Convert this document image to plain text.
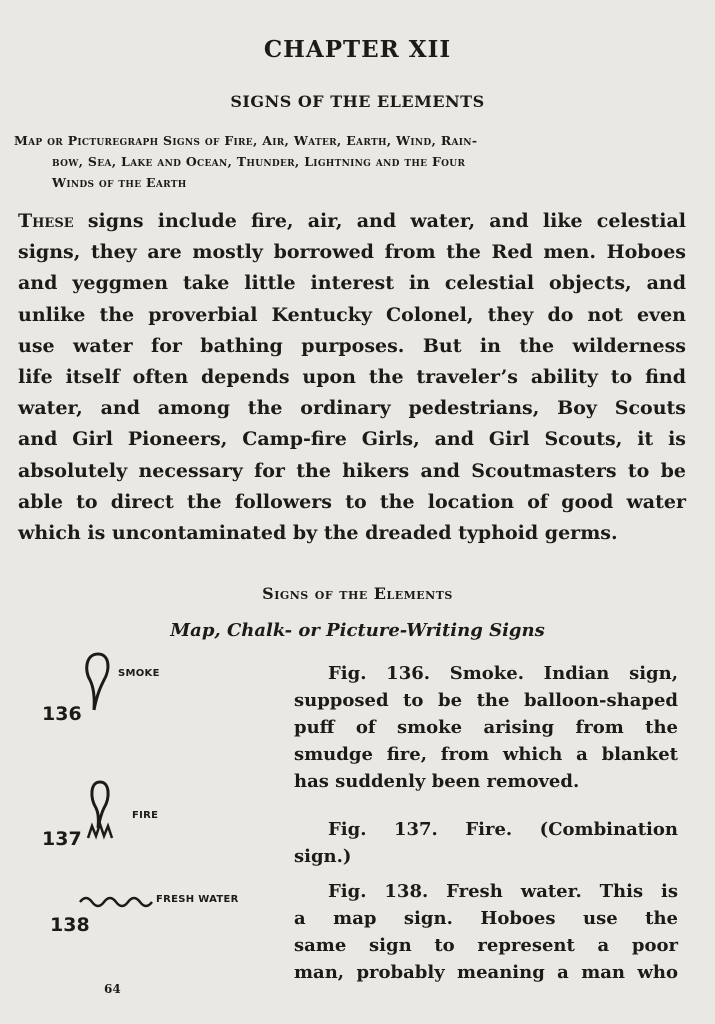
CHAPTER XII
SIGNS OF THE ELEMENTS
Map or Picturegraph Signs of Fire, Air, Water, Earth, Wind, Rain-
bow, Sea, Lake and Ocean, Thunder, Lightning and the Four
Winds of the Earth
These signs include fire, air, and water, and like celestial
signs, they are mostly borrowed from the Red men. Hoboes
and yeggmen take little interest in celestial objects, and
unlike the proverbial Kentucky Colonel, they do not even
use water for bathing purposes. But in the wilderness
life itself often depends upon the traveler’s ability to find
water, and among the ordinary pedestrians, Boy Scouts
and Girl Pioneers, Camp-fire Girls, and Girl Scouts, it is
absolutely necessary for the hikers and Scoutmasters to be
able to direct the followers to the location of good water
which is uncontaminated by the dreaded typhoid germs.
Signs of the Elements
Map, Chalk- or Picture-Writing Signs
SMOKE
136
Fig. 136. Smoke. Indian sign,
supposed to be the balloon-shaped
puff of smoke arising from the
smudge fire, from which a blanket
has suddenly been removed.
FIRE
137	Fig. 137. Fire. (Combination
sign.)
FRESH WATER
138
Fig. 138. Fresh water. This is
a map sign. Hoboes use the
same sign to represent a poor
man, probably meaning a man who
64
